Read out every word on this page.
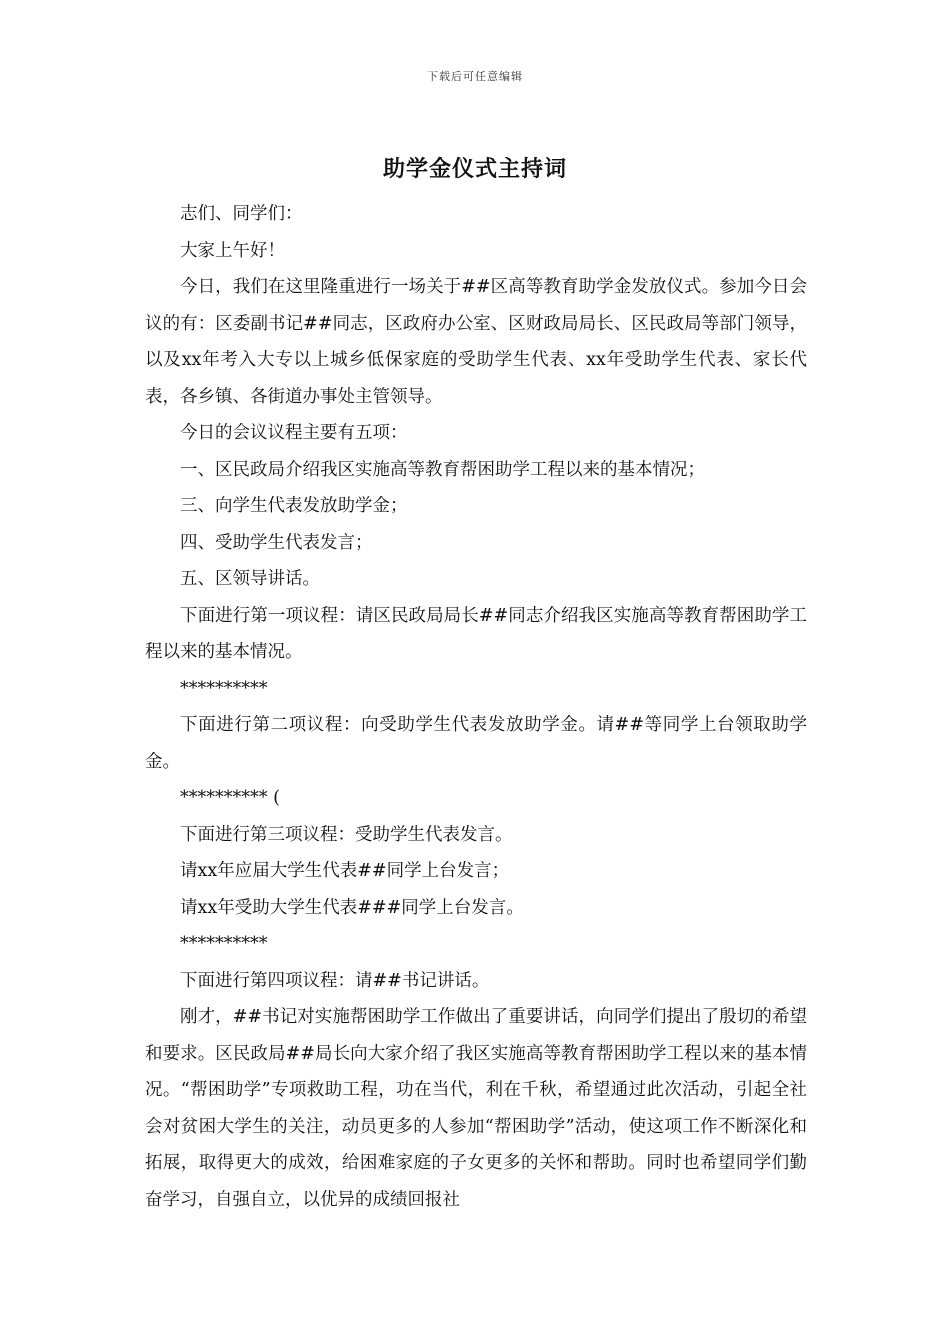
下载后可任意编辑
助学金仪式主持词

志们、同学们：

大家上午好！

今日，我们在这里隆重进行一场关于##区高等教育助学金发放仪式。参加今日会议的有：区委副书记##同志，区政府办公室、区财政局局长、区民政局等部门领导，以及xx年考入大专以上城乡低保家庭的受助学生代表、xx年受助学生代表、家长代表，各乡镇、各街道办事处主管领导。

今日的会议议程主要有五项：

一、区民政局介绍我区实施高等教育帮困助学工程以来的基本情况；

三、向学生代表发放助学金；

四、受助学生代表发言；

五、区领导讲话。

下面进行第一项议程：请区民政局局长##同志介绍我区实施高等教育帮困助学工程以来的基本情况。

**********

下面进行第二项议程：向受助学生代表发放助学金。请##等同学上台领取助学金。

********** (

下面进行第三项议程：受助学生代表发言。

请xx年应届大学生代表##同学上台发言；

请xx年受助大学生代表###同学上台发言。

**********

下面进行第四项议程：请##书记讲话。

刚才，##书记对实施帮困助学工作做出了重要讲话，向同学们提出了殷切的希望和要求。区民政局##局长向大家介绍了我区实施高等教育帮困助学工程以来的基本情况。“帮困助学”专项救助工程，功在当代，利在千秋，希望通过此次活动，引起全社会对贫困大学生的关注，动员更多的人参加“帮困助学”活动，使这项工作不断深化和拓展，取得更大的成效，给困难家庭的子女更多的关怀和帮助。同时也希望同学们勤奋学习，自强自立，以优异的成绩回报社
